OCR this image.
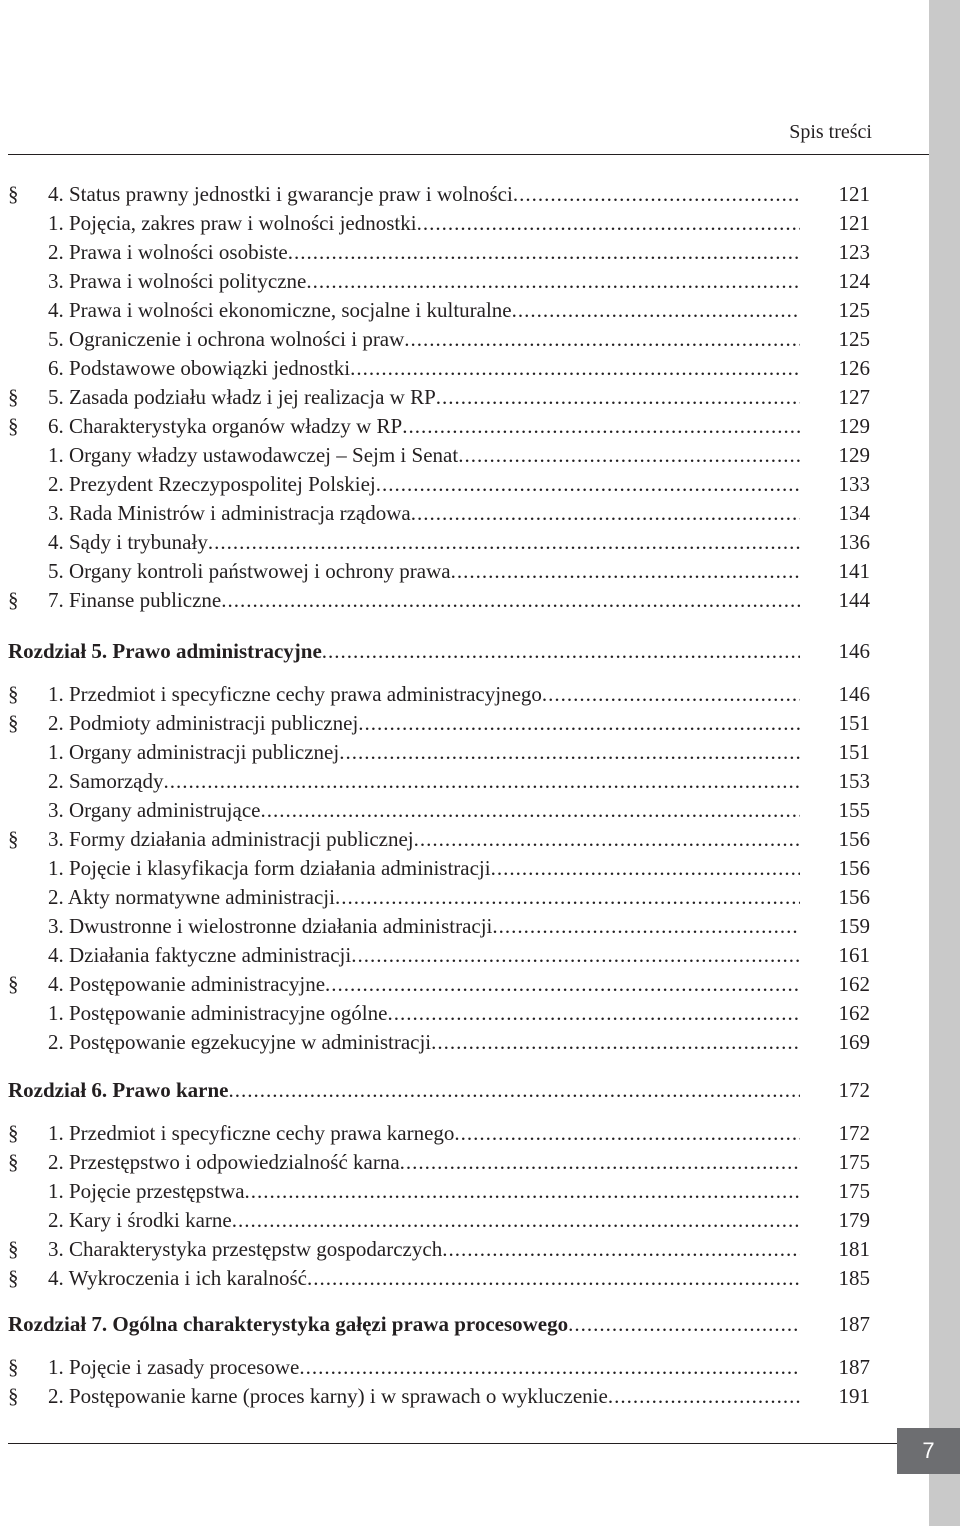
Spis treści
§	4. Status prawny jednostki i gwarancje praw i wolności .....	121
1. Pojęcia, zakres praw i wolności jednostki .....	121
2. Prawa i wolności osobiste .....	123
3. Prawa i wolności polityczne .....	124
4. Prawa i wolności ekonomiczne, socjalne i kulturalne .....	125
5. Ograniczenie i ochrona wolności i praw .....	125
6. Podstawowe obowiązki jednostki .....	126
§	5. Zasada podziału władz i jej realizacja w RP .....	127
§	6. Charakterystyka organów władzy w RP .....	129
1. Organy władzy ustawodawczej – Sejm i Senat .....	129
2. Prezydent Rzeczypospolitej Polskiej .....	133
3. Rada Ministrów i administracja rządowa .....	134
4. Sądy i trybunały .....	136
5. Organy kontroli państwowej i ochrony prawa .....	141
§	7. Finanse publiczne .....	144
Rozdział 5. Prawo administracyjne .....	146
§	1. Przedmiot i specyficzne cechy prawa administracyjnego .....	146
§	2. Podmioty administracji publicznej .....	151
1. Organy administracji publicznej .....	151
2. Samorządy .....	153
3. Organy administrujące .....	155
§	3. Formy działania administracji publicznej .....	156
1. Pojęcie i klasyfikacja form działania administracji .....	156
2. Akty normatywne administracji .....	156
3. Dwustronne i wielostronne działania administracji .....	159
4. Działania faktyczne administracji .....	161
§	4. Postępowanie administracyjne .....	162
1. Postępowanie administracyjne ogólne .....	162
2. Postępowanie egzekucyjne w administracji .....	169
Rozdział 6. Prawo karne .....	172
§	1. Przedmiot i specyficzne cechy prawa karnego .....	172
§	2. Przestępstwo i odpowiedzialność karna .....	175
1. Pojęcie przestępstwa .....	175
2. Kary i środki karne .....	179
§	3. Charakterystyka przestępstw gospodarczych .....	181
§	4. Wykroczenia i ich karalność .....	185
Rozdział 7. Ogólna charakterystyka gałęzi prawa procesowego .....	187
§	1. Pojęcie i zasady procesowe .....	187
§	2. Postępowanie karne (proces karny) i w sprawach o wykluczenie .....	191
7
